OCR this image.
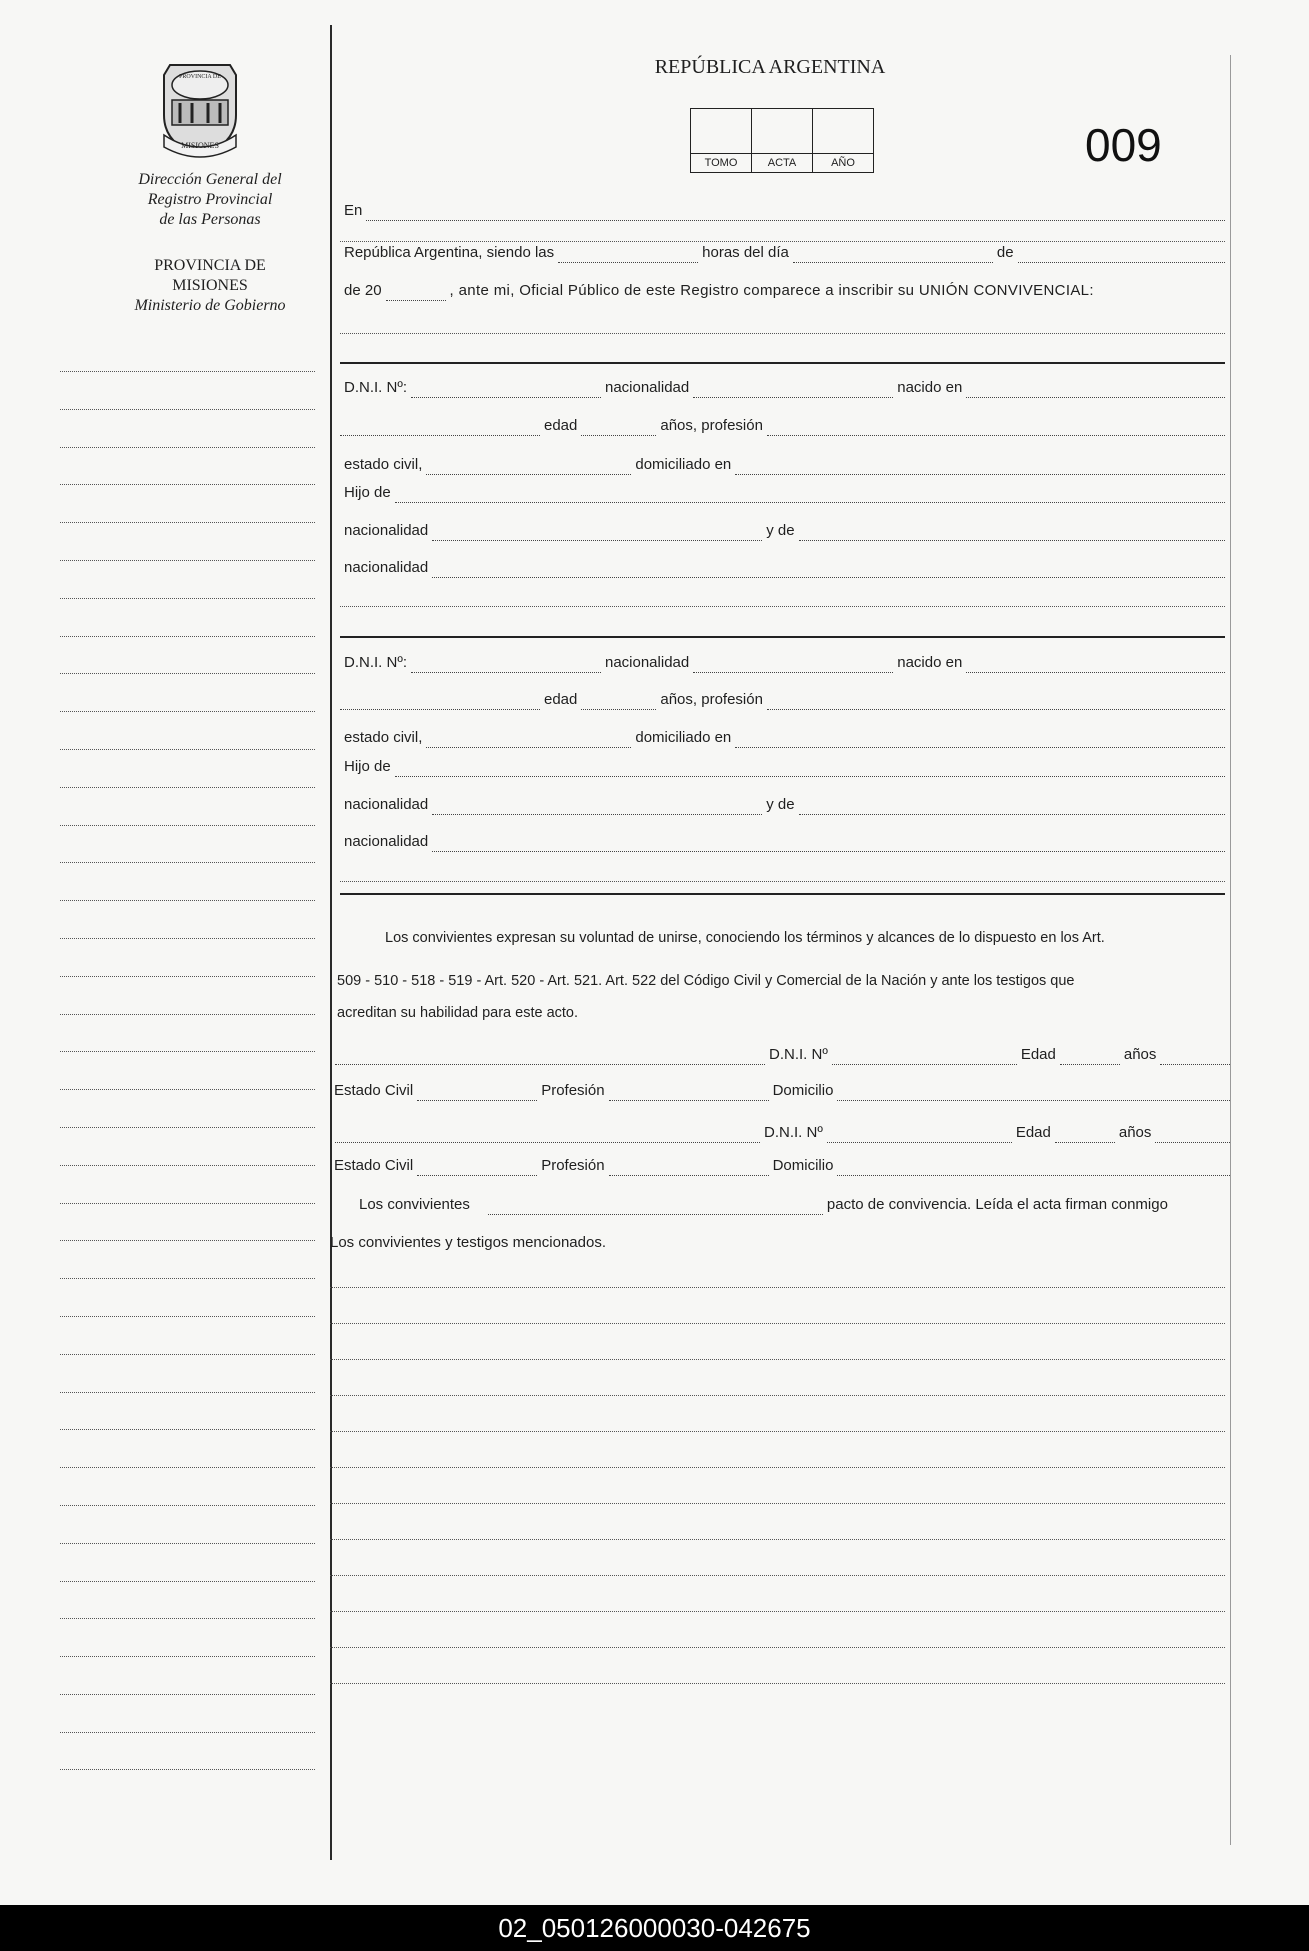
MISIONES
PROVINCIA DE
Dirección General del
Registro Provincial
de las Personas
PROVINCIA DE
MISIONES
Ministerio de Gobierno
REPÚBLICA ARGENTINA

TOMO	ACTA	AÑO	009
En
República Argentina, siendo las	horas del día	de
de 20	, ante mi, Oficial Público de este Registro comparece a inscribir su UNIÓN CONVIVENCIAL:
D.N.I. Nº:	nacionalidad	nacido en
edad	años, profesión
estado civil,	domiciliado en
Hijo de
nacionalidad	y de
nacionalidad
D.N.I. Nº:	nacionalidad	nacido en
edad	años, profesión
estado civil,	domiciliado en
Hijo de
nacionalidad	y de
nacionalidad
Los convivientes expresan su voluntad de unirse, conociendo los términos y alcances de lo dispuesto en los Art.
509 - 510 - 518 - 519 - Art. 520 - Art. 521. Art. 522 del Código Civil y Comercial de la Nación y ante los testigos que
acreditan su habilidad para este acto.
D.N.I. Nº	Edad	años
Estado Civil	Profesión	Domicilio
D.N.I. Nº	Edad	años
Estado Civil	Profesión	Domicilio
Los convivientes	pacto de convivencia. Leída el acta firman conmigo
Los convivientes y testigos mencionados.
02_050126000030-042675
